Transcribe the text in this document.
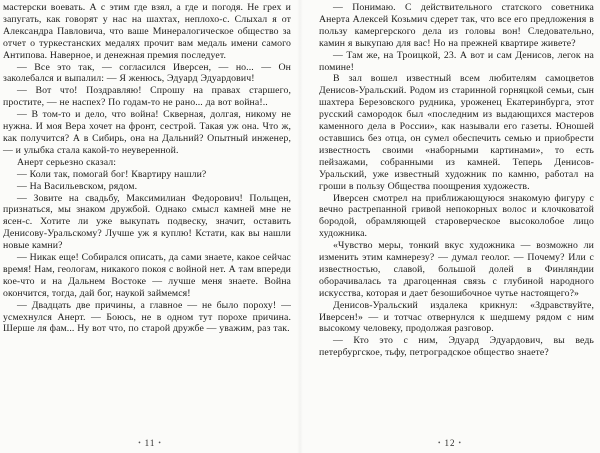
мастерски воевать. А с этим где взял, а где и погодя. Не грех и запугать, как говорят у нас на шахтах, неплохо-с. Слыхал я от Александра Павловича, что ваше Минералогическое общество за отчет о туркестанских медалях прочит вам медаль имени самого Антипова. Наверное, и денежная премия последует.

— Все это так, — согласился Иверсен, — но... — Он заколебался и выпалил: — Я женюсь, Эдуард Эдуардович!

— Вот что! Поздравляю! Спрошу на правах старшего, простите, — не наспех? По годам-то не рано... да вот война!..

— В том-то и дело, что война! Скверная, долгая, никому не нужна. И моя Вера хочет на фронт, сестрой. Такая уж она. Что ж, как получится? А в Сибирь, она на Дальний? Опытный инженер, — и улыбка стала какой-то неуверенной.

Анерт серьезно сказал:

— Коли так, помогай бог! Квартиру нашли?

— На Васильевском, рядом.

— Зовите на свадьбу, Максимилиан Федорович! Польщен, признаться, мы знаком дружбой. Однако смысл камней мне не ясен-с. Хотите ли уже выкупать подвеску, значит, оставить Денисову-Уральскому? Лучше уж я куплю! Кстати, как вы нашли новые камни?

— Никак еще! Собирался описать, да сами знаете, какое сейчас время! Нам, геологам, никакого покоя с войной нет. А там впереди кое-что и на Дальнем Востоке — лучше меня знаете. Война окончится, тогда, дай бог, наукой займемся!

— Двадцать две причины, а главное — не было пороху! — усмехнулся Анерт. — Боюсь, не в одном тут порохе причина. Шерше ля фам... Ну вот что, по старой дружбе — уважим, раз так.

• 11 •

— Понимаю. С действительного статского советника Анерта Алексей Козьмич сдерет так, что все его предложения в пользу камергерского дела из головы вон! Следовательно, камин я выкупаю для вас! Но на прежней квартире живете?

— Там же, на Троицкой, 23. А вот и сам Денисов, легок на помине!

В зал вошел известный всем любителям самоцветов Денисов-Уральский. Родом из старинной горняцкой семьи, сын шахтера Березовского рудника, уроженец Екатеринбурга, этот русский самородок был «последним из выдающихся мастеров каменного дела в России», как называли его газеты. Юношей оставшись без отца, он сумел обеспечить семью и приобрести известность своими «наборными картинами», то есть пейзажами, собранными из камней. Теперь Денисов-Уральский, уже известный художник по камню, работал на гроши в пользу Общества поощрения художеств.

Иверсен смотрел на приближающуюся знакомую фигуру с вечно растрепанной гривой непокорных волос и клочковатой бородой, обрамляющей староверческое высоколобое лицо художника.

«Чувство меры, тонкий вкус художника — возможно ли изменить этим камнерезу? — думал геолог. — Почему? Или с известностью, славой, большой долей в Финляндии оборачивалась та драгоценная связь с глубиной народного искусства, которая и дает безошибочное чутье настоящего?»

Денисов-Уральский издалека крикнул: «Здравствуйте, Иверсен!» — и тотчас отвернулся к шедшему рядом с ним высокому человеку, продолжая разговор.

— Кто это с ним, Эдуард Эдуардович, вы ведь петербургское, тьфу, петроградское общество знаете?

• 12 •
